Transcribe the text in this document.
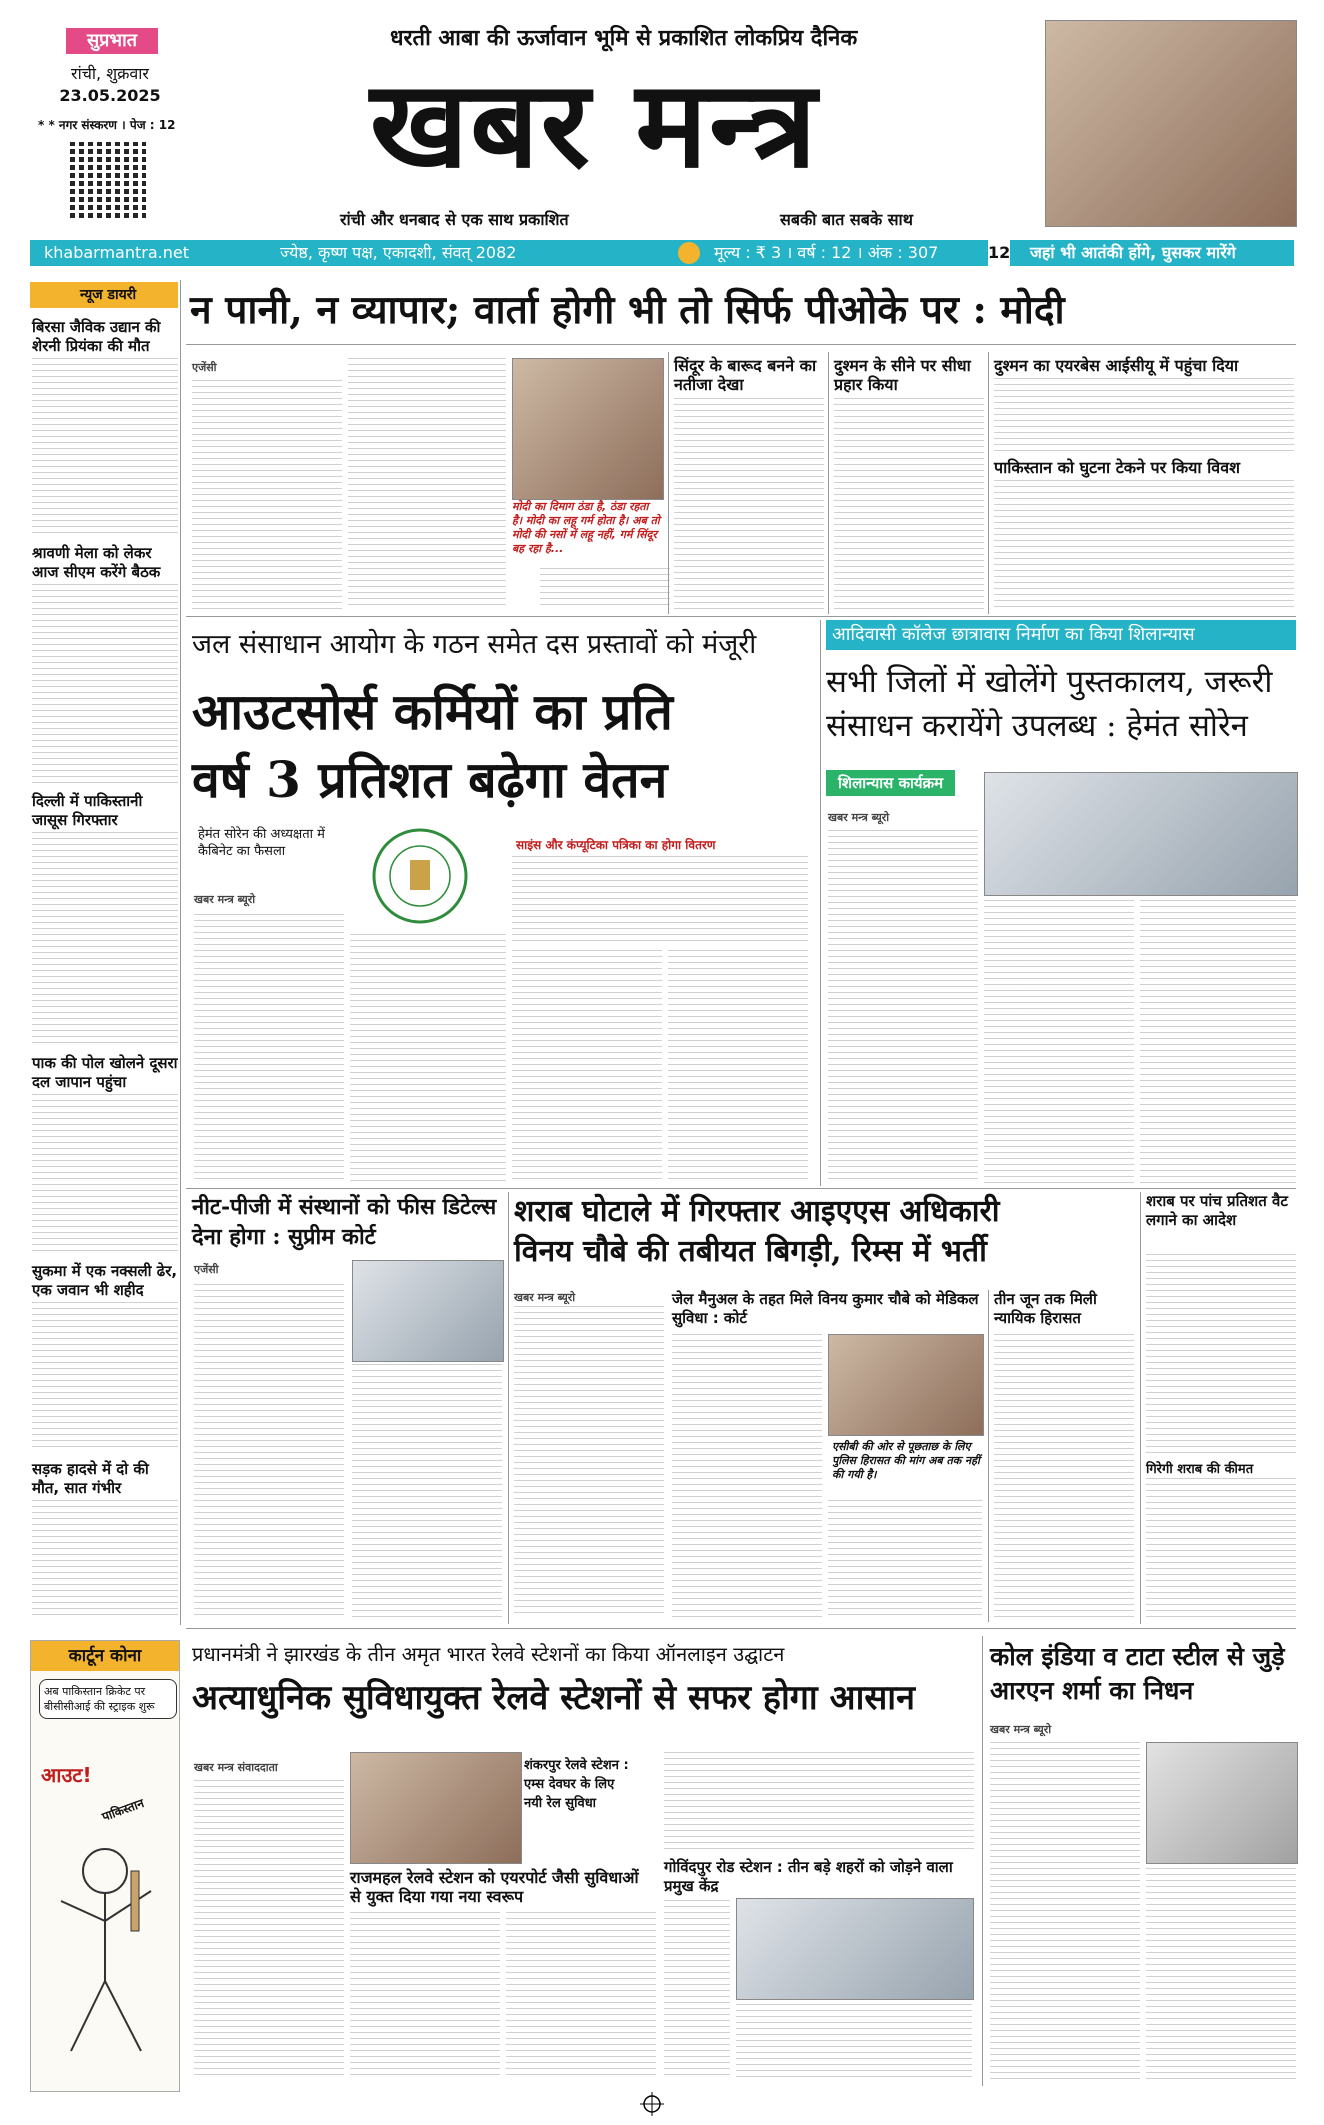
सुप्रभात
रांची, शुक्रवार
23.05.2025
* * नगर संस्करण । पेज : 12
धरती आबा की ऊर्जावान भूमि से प्रकाशित लोकप्रिय दैनिक
खबर मन्त्र
रांची और धनबाद से एक साथ प्रकाशित	सबकी बात सबके साथ
khabarmantra.net	ज्येष्ठ, कृष्ण पक्ष, एकादशी, संवत् 2082	मूल्य : ₹ 3 । वर्ष : 12 । अंक : 307	12 जहां भी आतंकी होंगे, घुसकर मारेंगे
न्यूज डायरी
बिरसा जैविक उद्यान की शेरनी प्रियंका की मौत
श्रावणी मेला को लेकर आज सीएम करेंगे बैठक
दिल्ली में पाकिस्तानी जासूस गिरफ्तार
पाक की पोल खोलने दूसरा दल जापान पहुंचा
सुकमा में एक नक्सली ढेर, एक जवान भी शहीद
सड़क हादसे में दो की मौत, सात गंभीर
कार्टून कोना
अब पाकिस्तान क्रिकेट पर बीसीसीआई की स्ट्राइक शुरू
आउट!
पाकिस्तान
न पानी, न व्यापार; वार्ता होगी भी तो सिर्फ पीओके पर : मोदी
एजेंसी
मोदी का दिमाग ठंडा है, ठंडा रहता है। मोदी का लहू गर्म होता है। अब तो मोदी की नसों में लहू नहीं, गर्म सिंदूर बह रहा है...
सिंदूर के बारूद बनने का नतीजा देखा
दुश्मन के सीने पर सीधा प्रहार किया
दुश्मन का एयरबेस आईसीयू में पहुंचा दिया
पाकिस्तान को घुटना टेकने पर किया विवश
जल संसाधान आयोग के गठन समेत दस प्रस्तावों को मंजूरी
आउटसोर्स कर्मियों का प्रति
वर्ष 3 प्रतिशत बढ़ेगा वेतन
हेमंत सोरेन की अध्यक्षता में कैबिनेट का फैसला
खबर मन्त्र ब्यूरो
साइंस और कंप्यूटिका पत्रिका का होगा वितरण
आदिवासी कॉलेज छात्रावास निर्माण का किया शिलान्यास
सभी जिलों में खोलेंगे पुस्तकालय, जरूरी संसाधन करायेंगे उपलब्ध : हेमंत सोरेन
शिलान्यास कार्यक्रम
खबर मन्त्र ब्यूरो
नीट-पीजी में संस्थानों को फीस डिटेल्स देना होगा : सुप्रीम कोर्ट
एजेंसी
शराब घोटाले में गिरफ्तार आइएएस अधिकारी
विनय चौबे की तबीयत बिगड़ी, रिम्स में भर्ती
खबर मन्त्र ब्यूरो	जेल मैनुअल के तहत मिले विनय कुमार चौबे को मेडिकल सुविधा : कोर्ट
एसीबी की ओर से पूछताछ के लिए पुलिस हिरासत की मांग अब तक नहीं की गयी है।
तीन जून तक मिली न्यायिक हिरासत
शराब पर पांच प्रतिशत वैट लगाने का आदेश
गिरेगी शराब की कीमत
प्रधानमंत्री ने झारखंड के तीन अमृत भारत रेलवे स्टेशनों का किया ऑनलाइन उद्घाटन
अत्याधुनिक सुविधायुक्त रेलवे स्टेशनों से सफर होगा आसान
खबर मन्त्र संवाददाता	शंकरपुर रेलवे स्टेशन : एम्स देवघर के लिए नयी रेल सुविधा
राजमहल रेलवे स्टेशन को एयरपोर्ट जैसी सुविधाओं से युक्त दिया गया नया स्वरूप
गोविंदपुर रोड स्टेशन : तीन बड़े शहरों को जोड़ने वाला प्रमुख केंद्र
कोल इंडिया व टाटा स्टील से जुड़े आरएन शर्मा का निधन
खबर मन्त्र ब्यूरो
